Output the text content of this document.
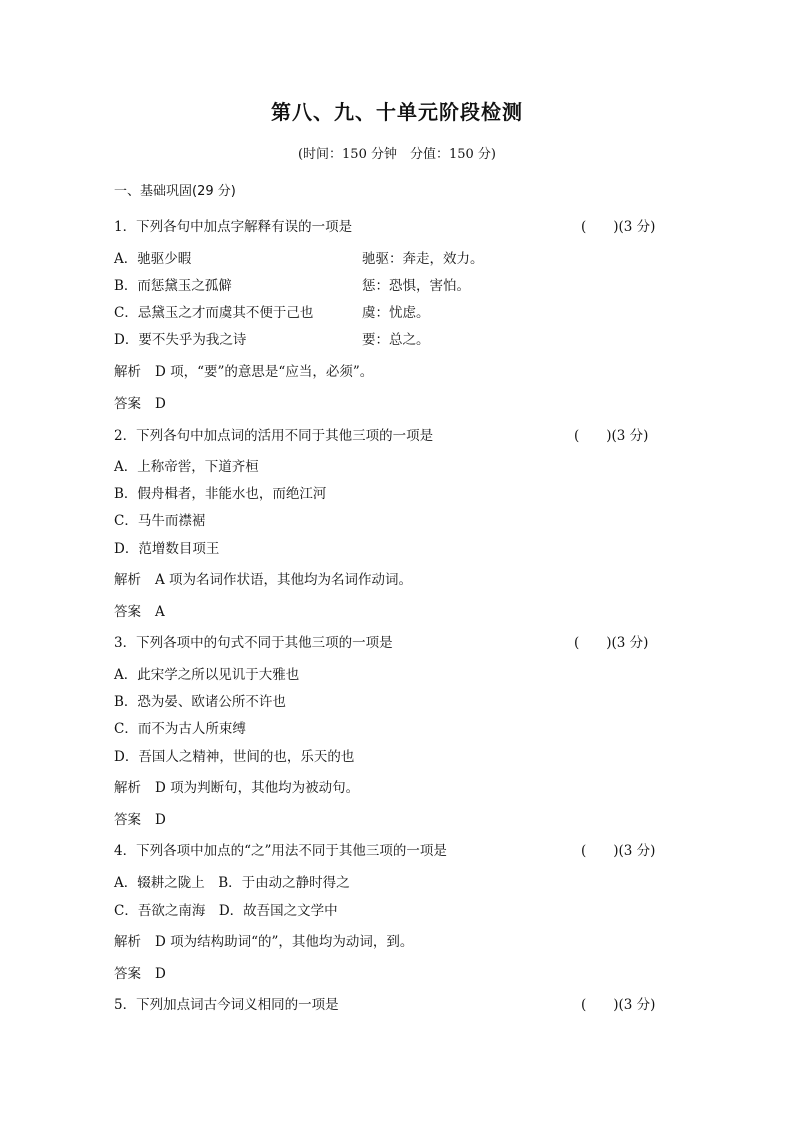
第八、九、十单元阶段检测
(时间：150 分钟　分值：150 分)
一、基础巩固(29 分)
1．下列各句中加点字解释有误的一项是	(　　)(3 分)
A．驰驱少暇	驰驱：奔走，效力。
B．而惩黛玉之孤僻	惩：恐惧，害怕。
C．忌黛玉之才而虞其不便于己也	虞：忧虑。
D．要不失乎为我之诗	要：总之。
解析 D 项，“要”的意思是“应当，必须”。
答案 D
2．下列各句中加点词的活用不同于其他三项的一项是	(　　)(3 分)
A．上称帝喾，下道齐桓
B．假舟楫者，非能水也，而绝江河
C．马牛而襟裾
D．范增数目项王
解析 A 项为名词作状语，其他均为名词作动词。
答案 A
3．下列各项中的句式不同于其他三项的一项是	(　　)(3 分)
A．此宋学之所以见讥于大雅也
B．恐为晏、欧诸公所不许也
C．而不为古人所束缚
D．吾国人之精神，世间的也，乐天的也
解析 D 项为判断句，其他均为被动句。
答案 D
4．下列各项中加点的“之”用法不同于其他三项的一项是	(　　)(3 分)
A．辍耕之陇上　B．于由动之静时得之
C．吾欲之南海　D．故吾国之文学中
解析 D 项为结构助词“的”，其他均为动词，到。
答案 D
5．下列加点词古今词义相同的一项是	(　　)(3 分)
